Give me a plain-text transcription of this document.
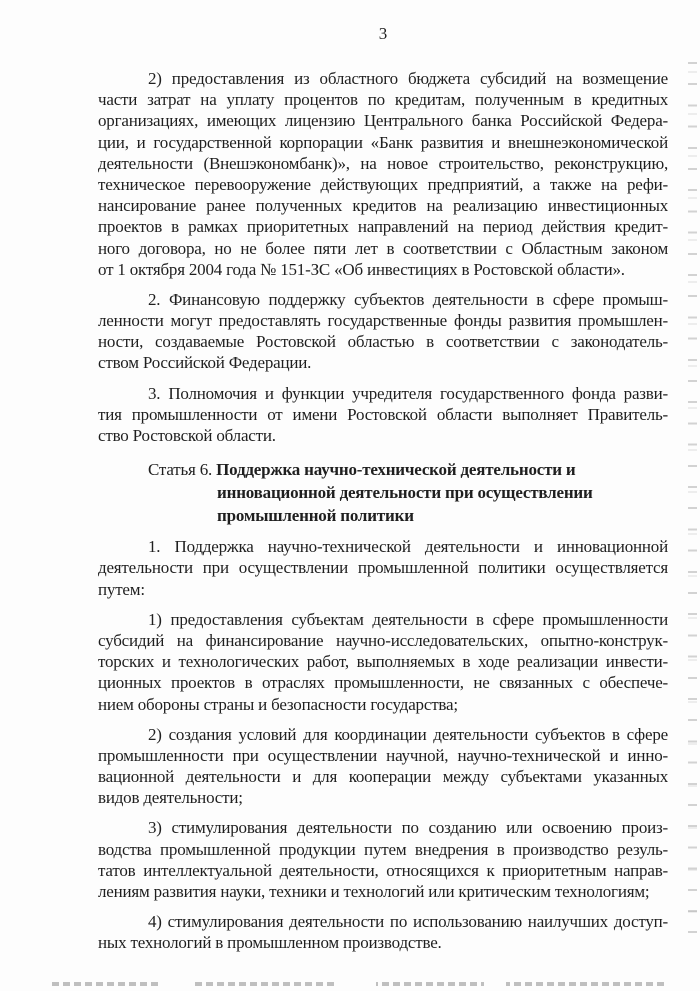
3
2) предоставления из областного бюджета субсидий на возмещение
части затрат на уплату процентов по кредитам, полученным в кредитных
организациях, имеющих лицензию Центрального банка Российской Федера-
ции, и государственной корпорации «Банк развития и внешнеэкономической
деятельности (Внешэкономбанк)», на новое строительство, реконструкцию,
техническое перевооружение действующих предприятий, а также на рефи-
нансирование ранее полученных кредитов на реализацию инвестиционных
проектов в рамках приоритетных направлений на период действия кредит-
ного договора, но не более пяти лет в соответствии с Областным законом
от 1 октября 2004 года № 151-ЗС «Об инвестициях в Ростовской области».
2. Финансовую поддержку субъектов деятельности в сфере промыш-
ленности могут предоставлять государственные фонды развития промышлен-
ности, создаваемые Ростовской областью в соответствии с законодатель-
ством Российской Федерации.
3. Полномочия и функции учредителя государственного фонда разви-
тия промышленности от имени Ростовской области выполняет Правитель-
ство Ростовской области.
Статья 6. Поддержка научно-технической деятельности и
инновационной деятельности при осуществлении
промышленной политики
1. Поддержка научно-технической деятельности и инновационной
деятельности при осуществлении промышленной политики осуществляется
путем:
1) предоставления субъектам деятельности в сфере промышленности
субсидий на финансирование научно-исследовательских, опытно-конструк-
торских и технологических работ, выполняемых в ходе реализации инвести-
ционных проектов в отраслях промышленности, не связанных с обеспече-
нием обороны страны и безопасности государства;
2) создания условий для координации деятельности субъектов в сфере
промышленности при осуществлении научной, научно-технической и инно-
вационной деятельности и для кооперации между субъектами указанных
видов деятельности;
3) стимулирования деятельности по созданию или освоению произ-
водства промышленной продукции путем внедрения в производство резуль-
татов интеллектуальной деятельности, относящихся к приоритетным направ-
лениям развития науки, техники и технологий или критическим технологиям;
4) стимулирования деятельности по использованию наилучших доступ-
ных технологий в промышленном производстве.
